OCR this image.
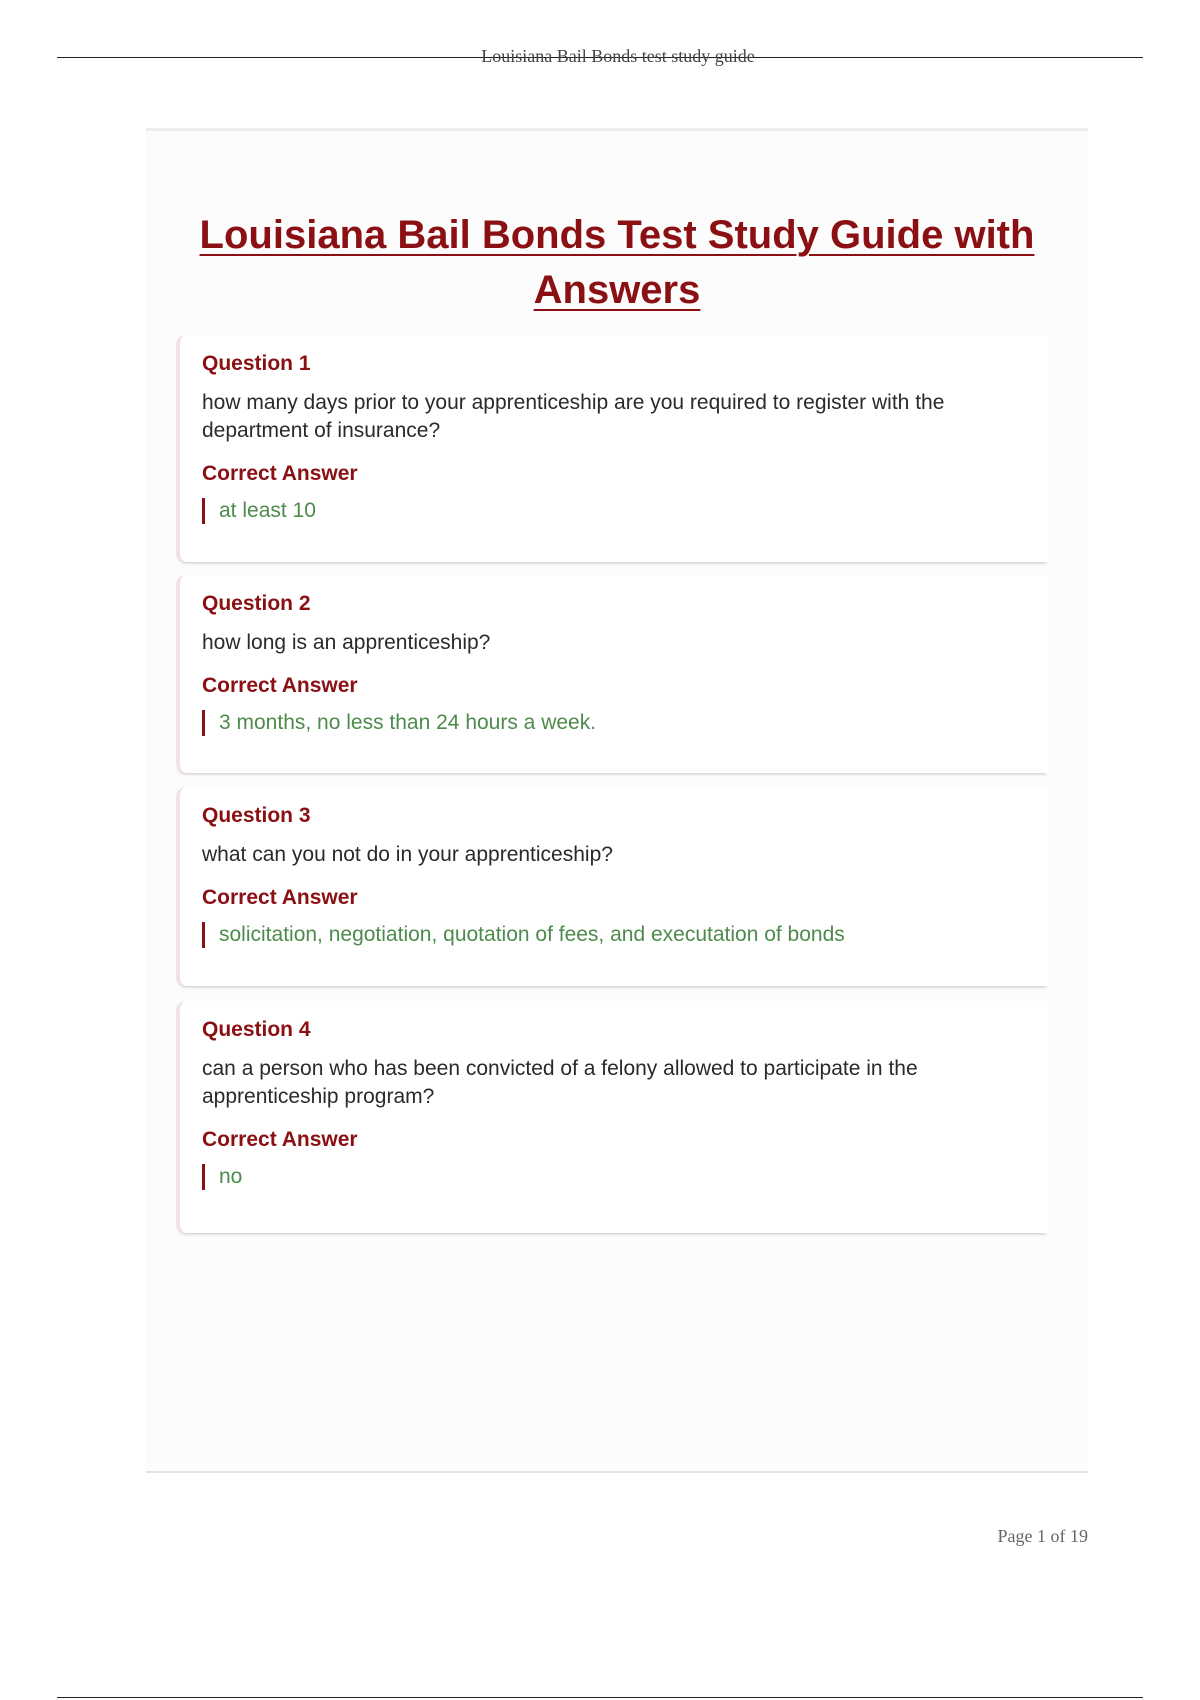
Louisiana Bail Bonds test study guide
Louisiana Bail Bonds Test Study Guide with
Answers
Question 1
how many days prior to your apprenticeship are you required to register with the department of insurance?
Correct Answer
at least 10
Question 2
how long is an apprenticeship?
Correct Answer
3 months, no less than 24 hours a week.
Question 3
what can you not do in your apprenticeship?
Correct Answer
solicitation, negotiation, quotation of fees, and executation of bonds
Question 4
can a person who has been convicted of a felony allowed to participate in the apprenticeship program?
Correct Answer
no
Page 1 of 19
